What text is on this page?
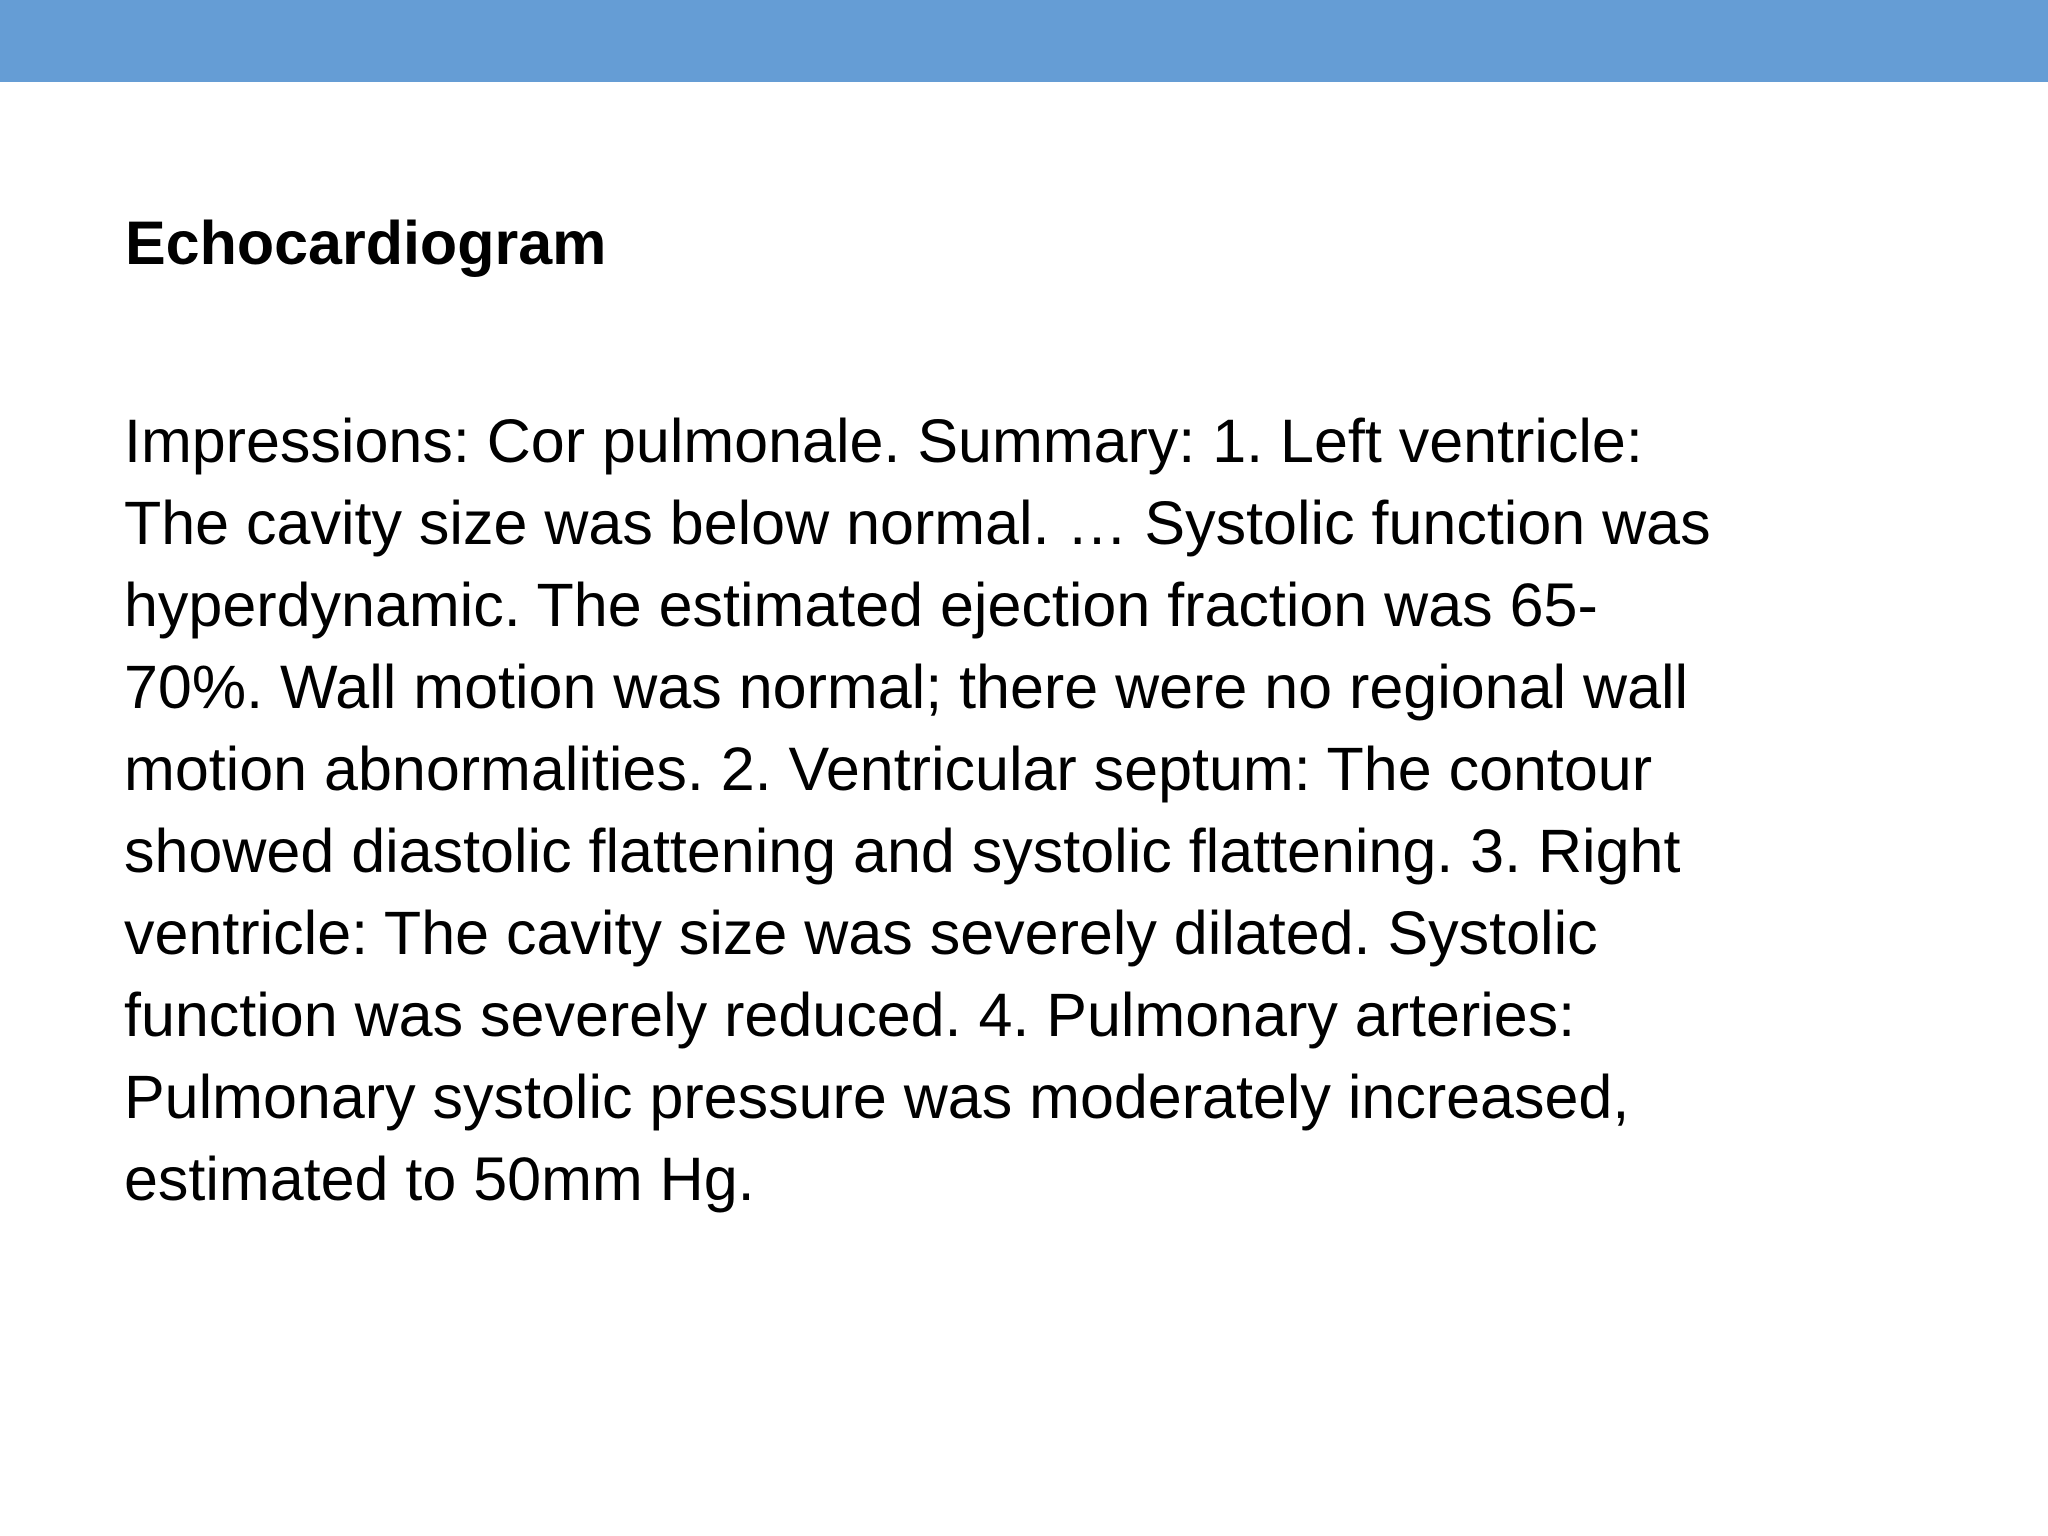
Echocardiogram
Impressions: Cor pulmonale. Summary: 1. Left ventricle:
The cavity size was below normal. … Systolic function was
hyperdynamic. The estimated ejection fraction was 65-
70%. Wall motion was normal; there were no regional wall
motion abnormalities. 2. Ventricular septum: The contour
showed diastolic flattening and systolic flattening. 3. Right
ventricle: The cavity size was severely dilated. Systolic
function was severely reduced. 4. Pulmonary arteries:
Pulmonary systolic pressure was moderately increased,
estimated to 50mm Hg.
